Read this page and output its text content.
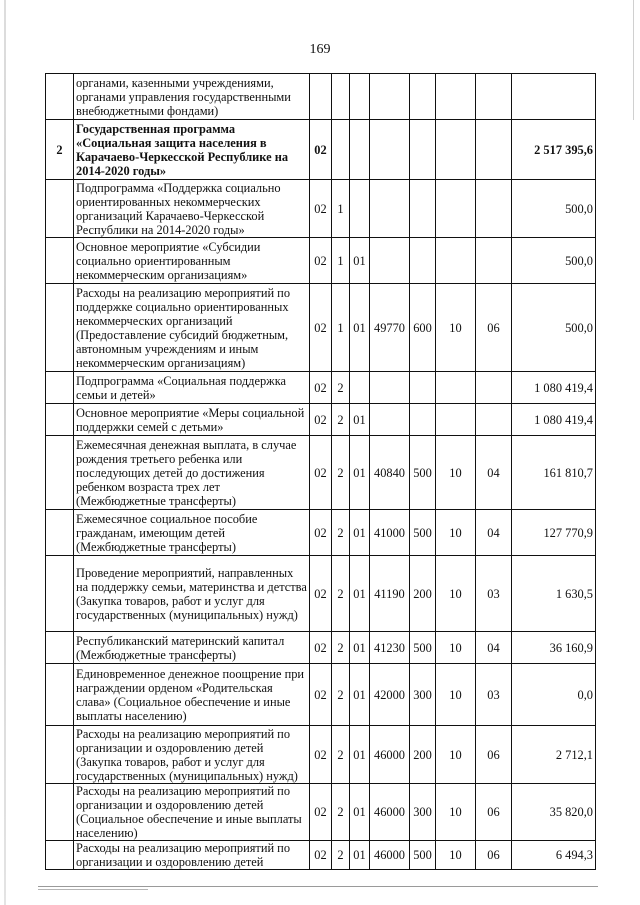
169
	органами, казенными учреждениями, органами управления государственными внебюджетными фондами)								
2	Государственная программа «Социальная защита населения в Карачаево-Черкесской Республике на 2014-2020 годы»	02							2 517 395,6
	Подпрограмма «Поддержка социально ориентированных некоммерческих организаций Карачаево-Черкесской Республики на 2014-2020 годы»	02	1						500,0
	Основное мероприятие «Субсидии социально ориентированным некоммерческим организациям»	02	1	01					500,0
	Расходы на реализацию мероприятий по поддержке социально ориентированных некоммерческих организаций (Предоставление субсидий бюджетным, автономным учреждениям и иным некоммерческим организациям)	02	1	01	49770	600	10	06	500,0
	Подпрограмма «Социальная поддержка семьи и детей»	02	2						1 080 419,4
	Основное мероприятие «Меры социальной поддержки семей с детьми»	02	2	01					1 080 419,4
	Ежемесячная денежная выплата, в случае рождения третьего ребенка или последующих детей до достижения ребенком возраста трех лет (Межбюджетные трансферты)	02	2	01	40840	500	10	04	161 810,7
	Ежемесячное социальное пособие гражданам, имеющим детей (Межбюджетные трансферты)	02	2	01	41000	500	10	04	127 770,9
	Проведение мероприятий, направленных на поддержку семьи, материнства и детства (Закупка товаров, работ и услуг для государственных (муниципальных) нужд)	02	2	01	41190	200	10	03	1 630,5
	Республиканский материнский капитал (Межбюджетные трансферты)	02	2	01	41230	500	10	04	36 160,9
	Единовременное денежное поощрение при награждении орденом «Родительская слава» (Социальное обеспечение и иные выплаты населению)	02	2	01	42000	300	10	03	0,0
	Расходы на реализацию мероприятий по организации и оздоровлению детей (Закупка товаров, работ и услуг для государственных (муниципальных) нужд)	02	2	01	46000	200	10	06	2 712,1
	Расходы на реализацию мероприятий по организации и оздоровлению детей (Социальное обеспечение и иные выплаты населению)	02	2	01	46000	300	10	06	35 820,0
	Расходы на реализацию мероприятий по организации и оздоровлению детей	02	2	01	46000	500	10	06	6 494,3
